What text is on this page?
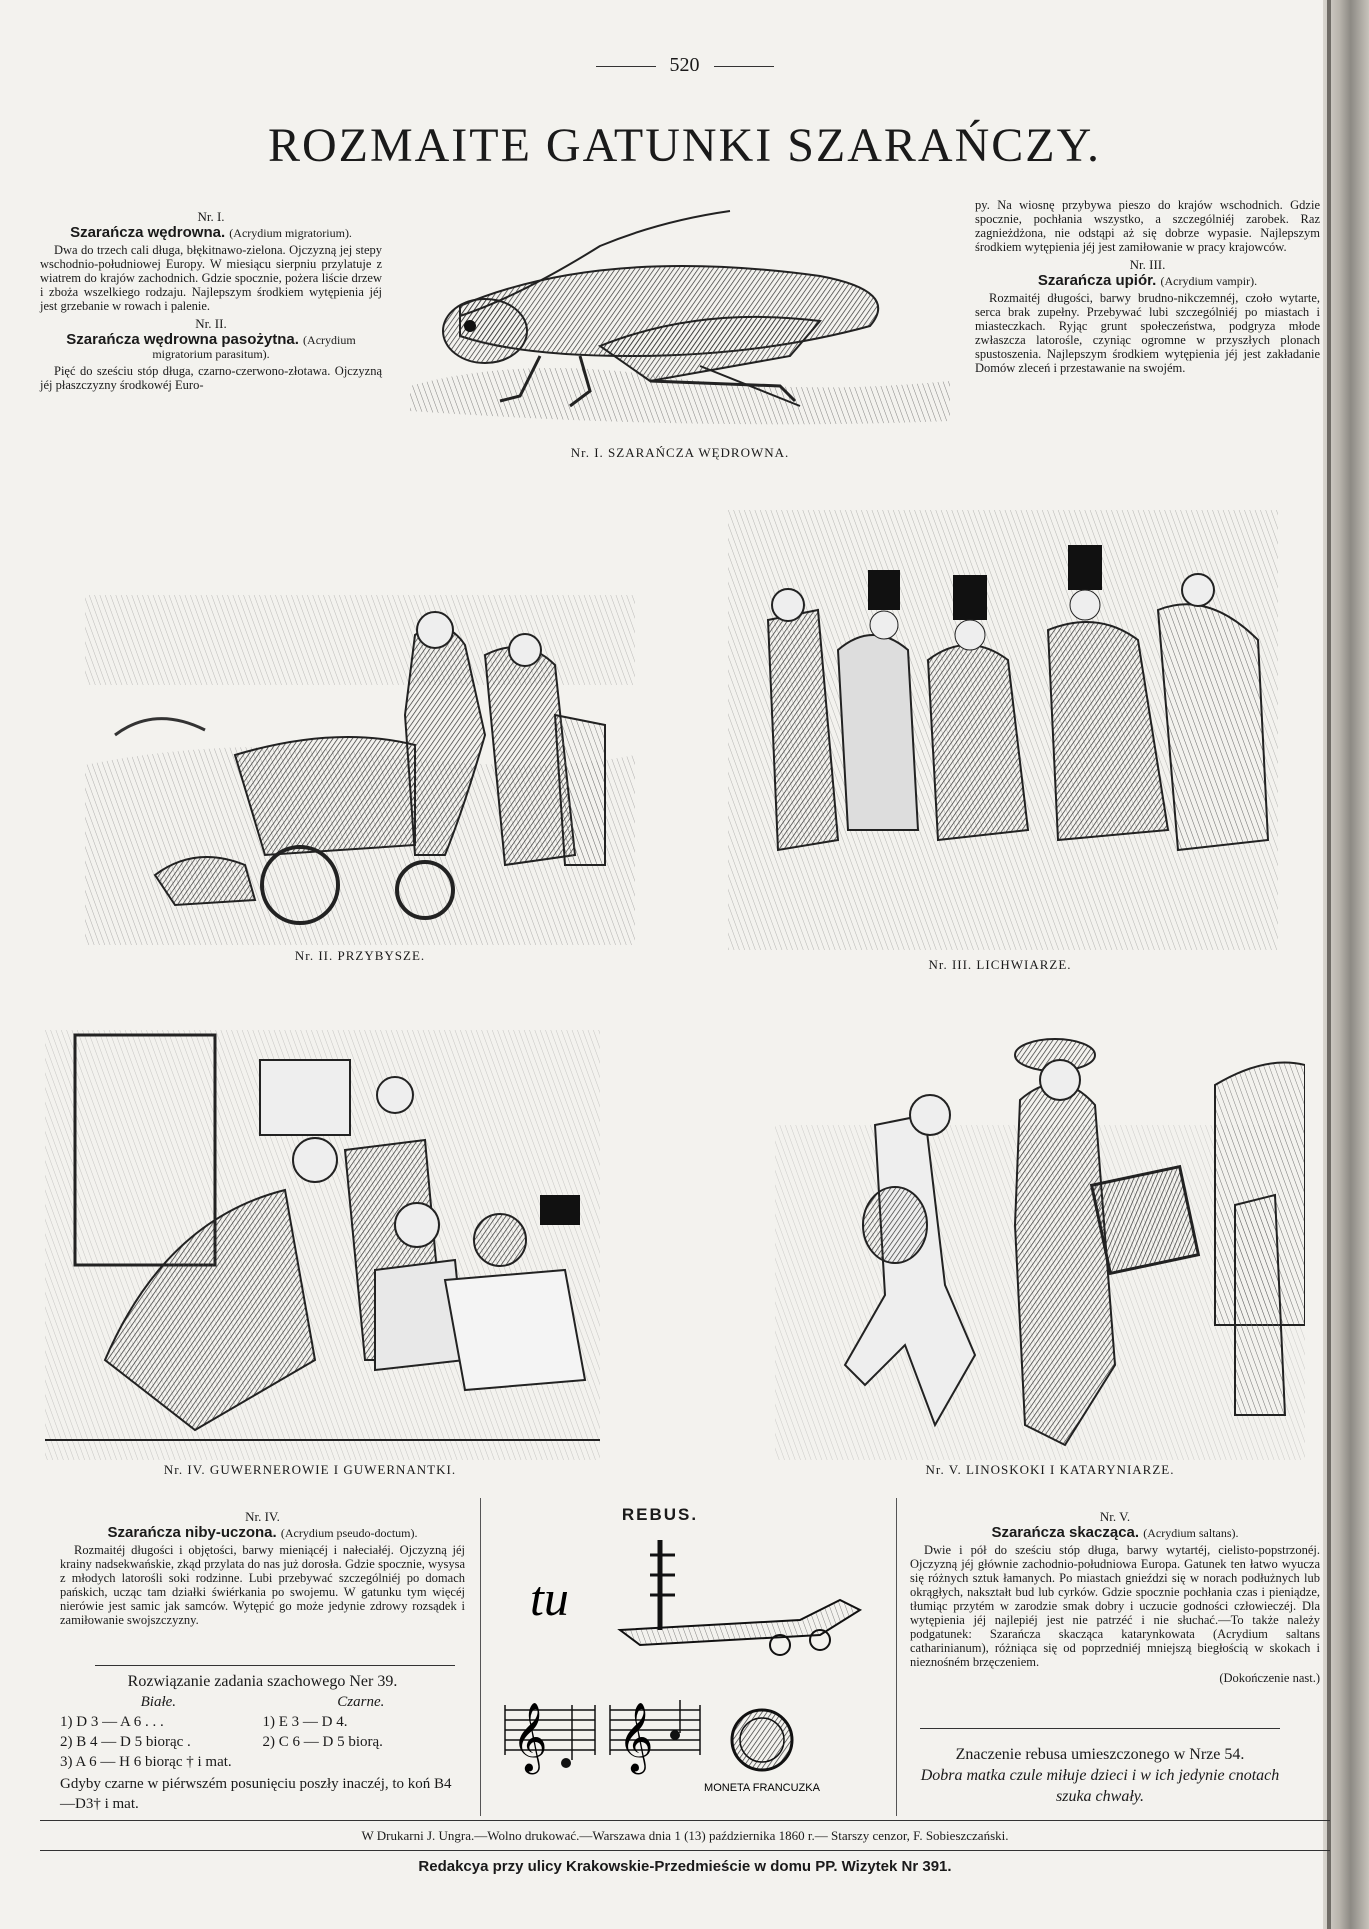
520
ROZMAITE GATUNKI SZARAŃCZY.
Nr. I.
Szarańcza wędrowna. (Acrydium migratorium).

Dwa do trzech cali długa, błękitnawo-zielona. Ojczyzną jej stepy wschodnio-południowej Europy. W miesiącu sierpniu przylatuje z wiatrem do krajów zachodnich. Gdzie spocznie, pożera liście drzew i zboża wszelkiego rodzaju. Najlepszym środkiem wytępienia jéj jest grzebanie w rowach i palenie.

Nr. II.
Szarańcza wędrowna pasożytna. (Acrydium migratorium parasitum).

Pięć do sześciu stóp długa, czarno-czerwono-złotawa. Ojczyzną jéj płaszczyzny środkowéj Euro-

Nr. I. SZARAŃCZA WĘDROWNA.

py. Na wiosnę przybywa pieszo do krajów wschodnich. Gdzie spocznie, pochłania wszystko, a szczególniéj zarobek. Raz zagnieżdżona, nie odstąpi aż się dobrze wypasie. Najlepszym środkiem wytępienia jéj jest zamiłowanie w pracy krajowców.

Nr. III.
Szarańcza upiór. (Acrydium vampir).

Rozmaitéj długości, barwy brudno-nikczemnéj, czoło wytarte, serca brak zupełny. Przebywać lubi szczególniéj po miastach i miasteczkach. Ryjąc grunt społeczeństwa, podgryza młode zwłaszcza latorośle, czyniąc ogromne w przyszłych plonach spustoszenia. Najlepszym środkiem wytępienia jéj jest zakładanie Domów zleceń i przestawanie na swojém.

Nr. II. PRZYBYSZE.
Nr. III. LICHWIARZE.
Nr. IV. GUWERNEROWIE I GUWERNANTKI.	Nr. V. LINOSKOKI I KATARYNIARZE.
Nr. IV.
Szarańcza niby-uczona. (Acrydium pseudo-doctum).

Rozmaitéj długości i objętości, barwy mieniącéj i nałeciałéj. Ojczyzną jéj krainy nadsekwańskie, zkąd przylata do nas już dorosła. Gdzie spocznie, wysysa z młodych latorośli soki rodzinne. Lubi przebywać szczególniéj po domach pańskich, ucząc tam działki świérkania po swojemu. W gatunku tym więcéj nierówie jest samic jak samców. Wytępić go może jedynie zdrowy rozsądek i zamiłowanie swojszczyzny.

Rozwiązanie zadania szachowego Ner 39.
Białe.	Czarne.
1) D 3 — A 6 . . .	1) E 3 — D 4.
2) B 4 — D 5 biorąc .	2) C 6 — D 5 biorą.
3) A 6 — H 6 biorąc † i mat.
Gdyby czarne w piérwszém posunięciu poszły inaczéj, to koń B4—D3† i mat.
REBUS.
tu
𝄞 𝄞
MONETA FRANCUZKA
Nr. V.
Szarańcza skacząca. (Acrydium saltans).

Dwie i pół do sześciu stóp długa, barwy wytartéj, cielisto-popstrzonéj. Ojczyzną jéj głównie zachodnio-południowa Europa. Gatunek ten łatwo wyucza się różnych sztuk łamanych. Po miastach gnieździ się w norach podłużnych lub okrągłych, nakształt bud lub cyrków. Gdzie spocznie pochłania czas i pieniądze, tłumiąc przytém w zarodzie smak dobry i uczucie godności człowieczéj. Dla wytępienia jéj najlepiéj jest nie patrzéć i nie słuchać.—To także należy podgatunek: Szarańcza skacząca katarynkowata (Acrydium saltans catharinianum), różniąca się od poprzedniéj mniejszą biegłością w skokach i nieznośném brzęczeniem.

(Dokończenie nast.)
Znaczenie rebusa umieszczonego w Nrze 54.
Dobra matka czule miłuje dzieci i w ich jedynie cnotach szuka chwały.
W Drukarni J. Ungra.—Wolno drukować.—Warszawa dnia 1 (13) października 1860 r.— Starszy cenzor, F. Sobieszczański.
Redakcya przy ulicy Krakowskie-Przedmieście w domu PP. Wizytek Nr 391.
